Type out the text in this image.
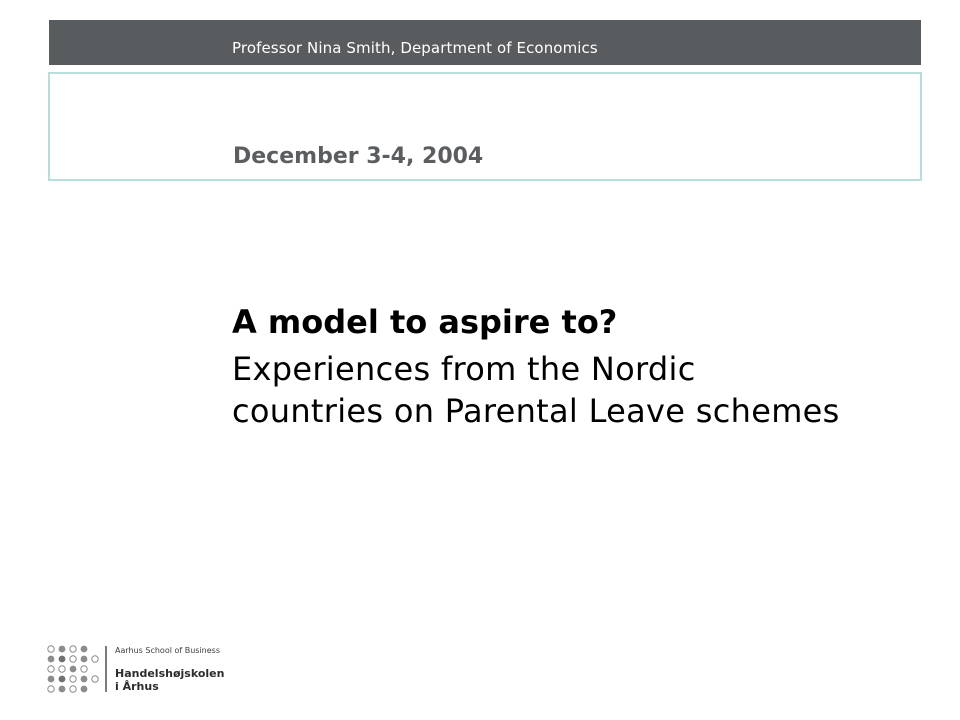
Professor Nina Smith, Department of Economics
December 3-4, 2004

A model to aspire to?

Experiences from the Nordic countries on Parental Leave schemes

Aarhus School of Business
Handelshøjskolen
i Århus
